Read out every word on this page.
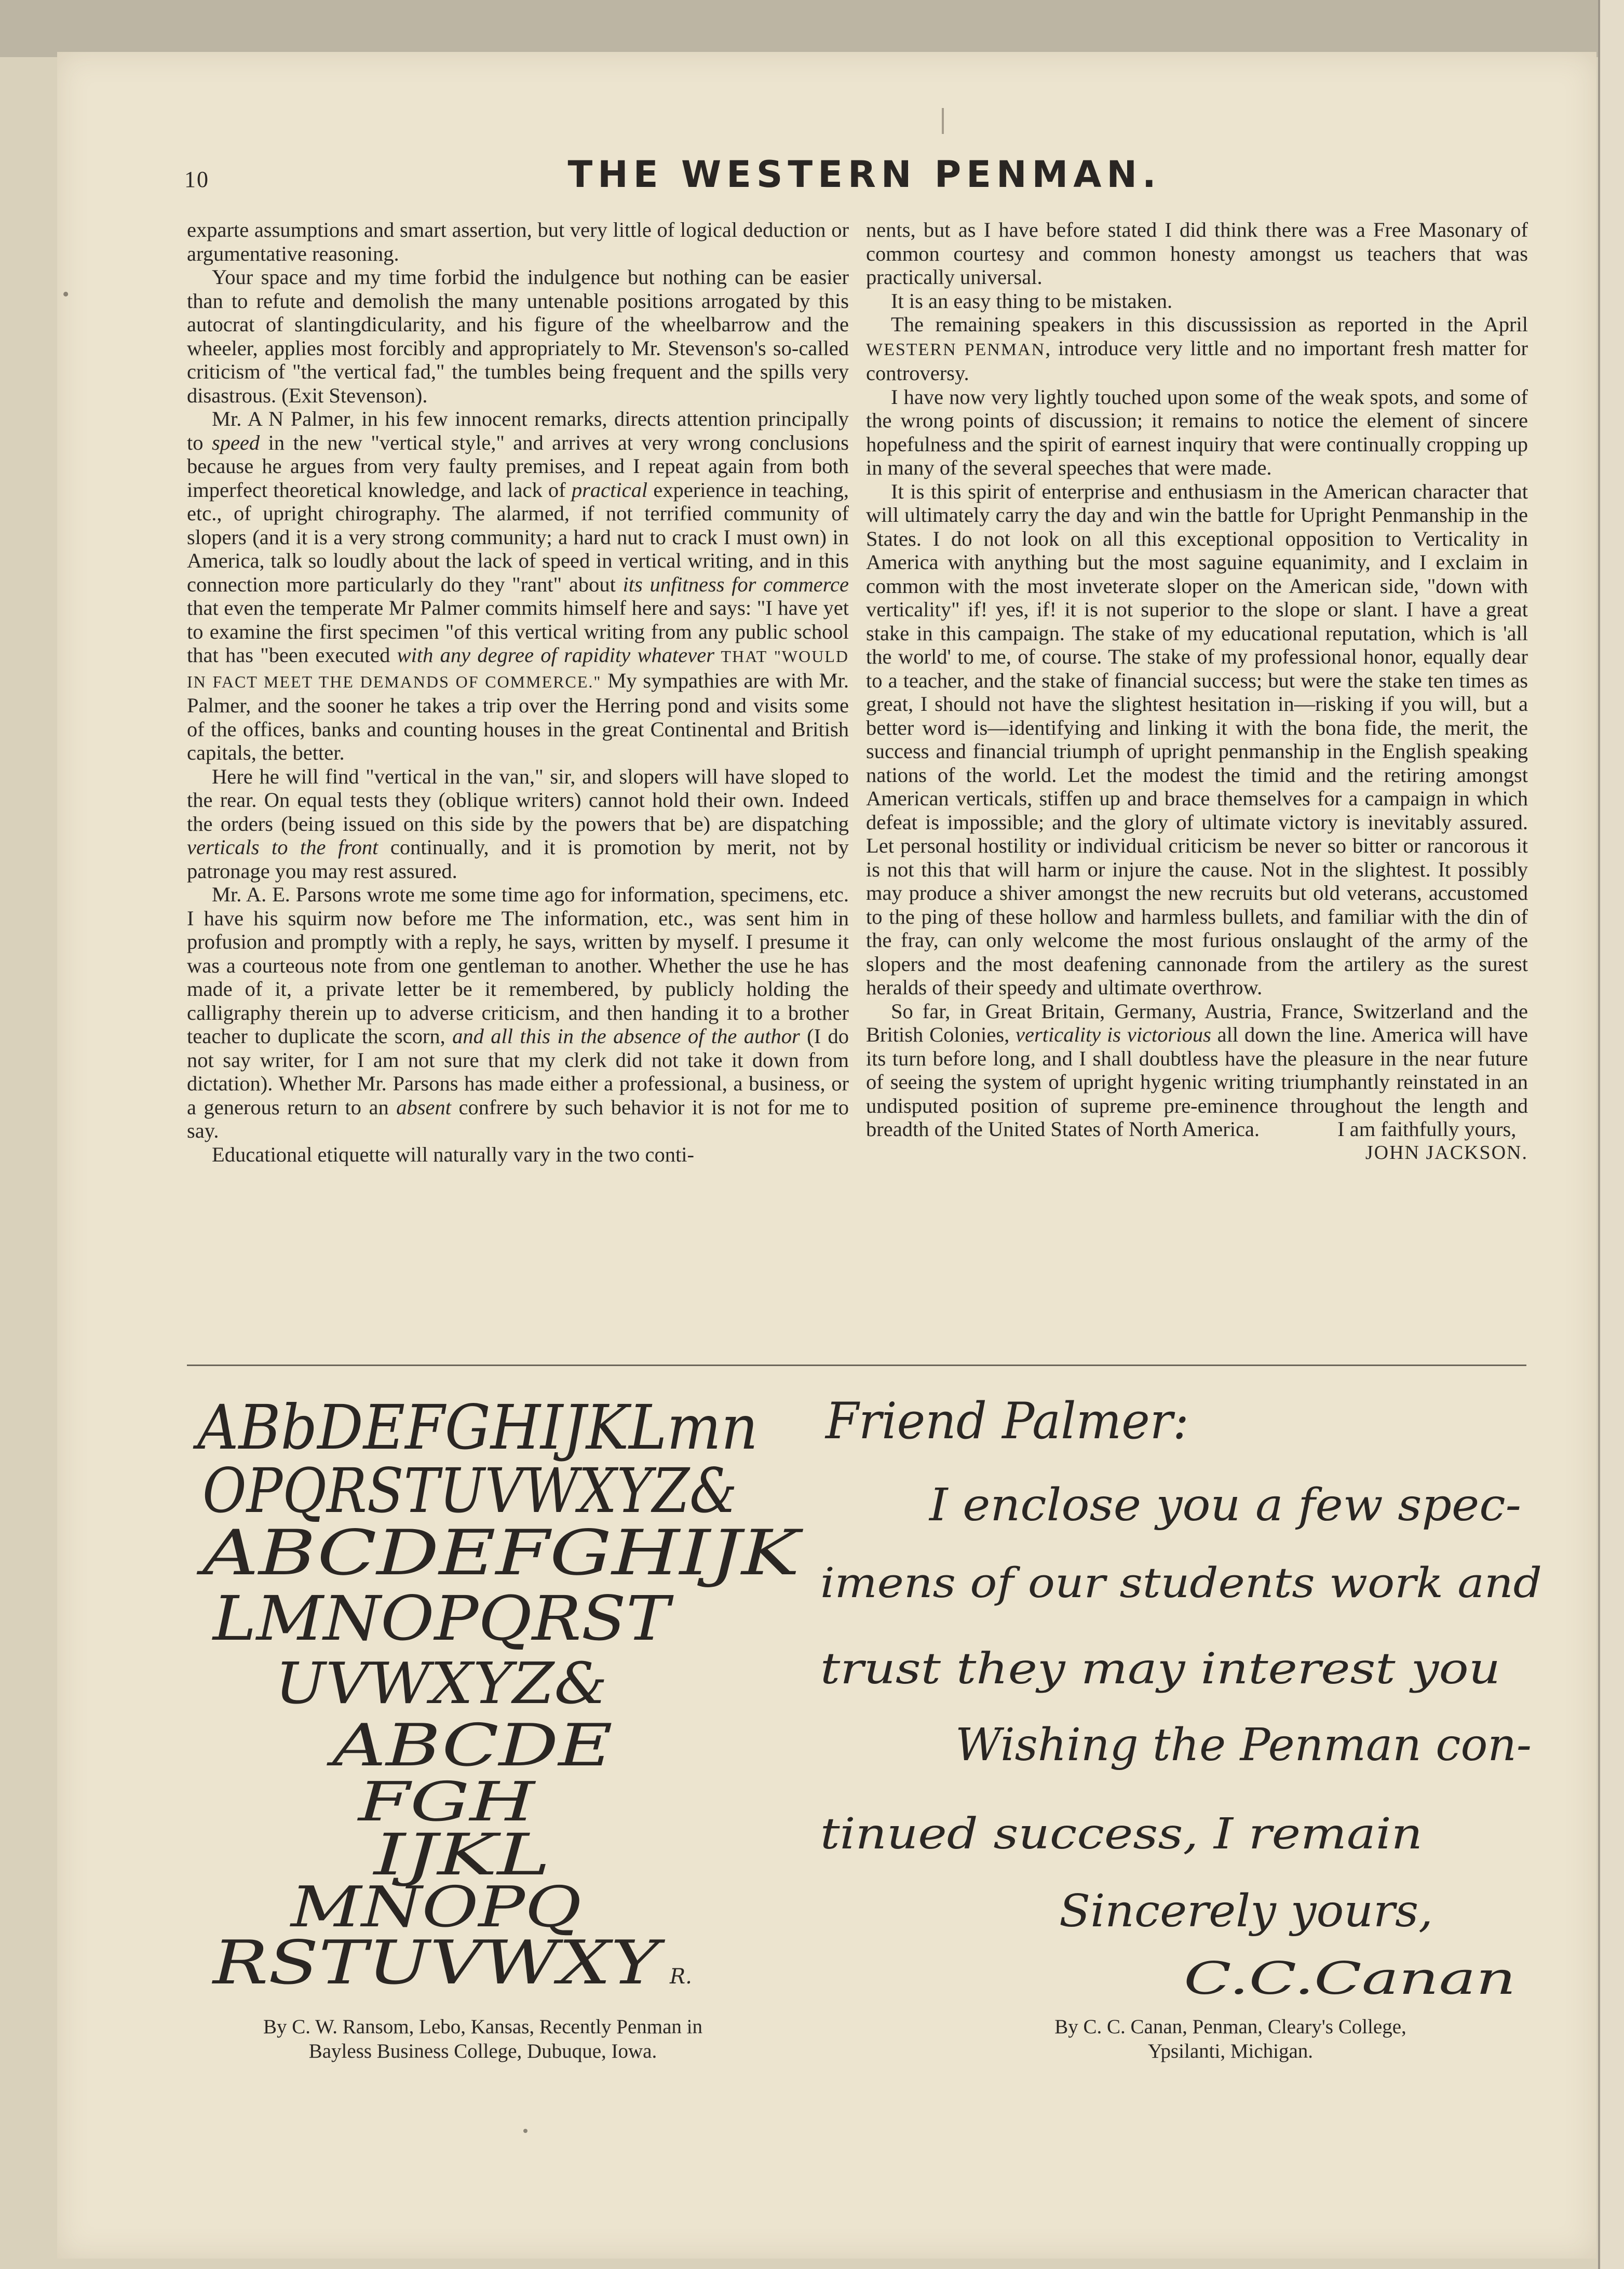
•
10	THE WESTERN PENMAN.

exparte assumptions and smart assertion, but very little of logical deduction or argumentative reasoning.

Your space and my time forbid the indulgence but nothing can be easier than to refute and demolish the many untenable positions arrogated by this autocrat of slantingdicularity, and his figure of the wheelbarrow and the wheeler, applies most forcibly and appropriately to Mr. Stevenson's so-called criticism of "the vertical fad," the tumbles being frequent and the spills very disastrous. (Exit Stevenson).

Mr. A N Palmer, in his few innocent remarks, directs attention principally to speed in the new "vertical style," and arrives at very wrong conclusions because he argues from very faulty premises, and I repeat again from both imperfect theoretical knowledge, and lack of practical experience in teaching, etc., of upright chirography. The alarmed, if not terrified community of slopers (and it is a very strong community; a hard nut to crack I must own) in America, talk so loudly about the lack of speed in vertical writing, and in this connection more particularly do they "rant" about its unfitness for commerce that even the temperate Mr Palmer commits himself here and says: "I have yet to examine the first specimen "of this vertical writing from any public school that has "been executed with any degree of rapidity whatever THAT "WOULD IN FACT MEET THE DEMANDS OF COMMERCE." My sympathies are with Mr. Palmer, and the sooner he takes a trip over the Herring pond and visits some of the offices, banks and counting houses in the great Continental and British capitals, the better.

Here he will find "vertical in the van," sir, and slopers will have sloped to the rear. On equal tests they (oblique writers) cannot hold their own. Indeed the orders (being issued on this side by the powers that be) are dispatching verticals to the front continually, and it is promotion by merit, not by patronage you may rest assured.

Mr. A. E. Parsons wrote me some time ago for information, specimens, etc. I have his squirm now before me The information, etc., was sent him in profusion and promptly with a reply, he says, written by myself. I presume it was a courteous note from one gentleman to another. Whether the use he has made of it, a private letter be it remembered, by publicly holding the calligraphy therein up to adverse criticism, and then handing it to a brother teacher to duplicate the scorn, and all this in the absence of the author (I do not say writer, for I am not sure that my clerk did not take it down from dictation). Whether Mr. Parsons has made either a professional, a business, or a generous return to an absent confrere by such behavior it is not for me to say.

Educational etiquette will naturally vary in the two conti-

nents, but as I have before stated I did think there was a Free Masonary of common courtesy and common honesty amongst us teachers that was practically universal.

It is an easy thing to be mistaken.

The remaining speakers in this discussission as reported in the April WESTERN PENMAN, introduce very little and no important fresh matter for controversy.

I have now very lightly touched upon some of the weak spots, and some of the wrong points of discussion; it remains to notice the element of sincere hopefulness and the spirit of earnest inquiry that were continually cropping up in many of the several speeches that were made.

It is this spirit of enterprise and enthusiasm in the American character that will ultimately carry the day and win the battle for Upright Penmanship in the States. I do not look on all this exceptional opposition to Verticality in America with anything but the most saguine equanimity, and I exclaim in common with the most inveterate sloper on the American side, "down with verticality" if! yes, if! it is not superior to the slope or slant. I have a great stake in this campaign. The stake of my educational reputation, which is 'all the world' to me, of course. The stake of my professional honor, equally dear to a teacher, and the stake of financial success; but were the stake ten times as great, I should not have the slightest hesitation in—risking if you will, but a better word is—identifying and linking it with the bona fide, the merit, the success and financial triumph of upright penmanship in the English speaking nations of the world. Let the modest the timid and the retiring amongst American verticals, stiffen up and brace themselves for a campaign in which defeat is impossible; and the glory of ultimate victory is inevitably assured. Let personal hostility or individual criticism be never so bitter or rancorous it is not this that will harm or injure the cause. Not in the slightest. It possibly may produce a shiver amongst the new recruits but old veterans, accustomed to the ping of these hollow and harmless bullets, and familiar with the din of the fray, can only welcome the most furious onslaught of the army of the slopers and the most deafening cannonade from the artilery as the surest heralds of their speedy and ultimate overthrow.

So far, in Great Britain, Germany, Austria, France, Switzerland and the British Colonies, verticality is victorious all down the line. America will have its turn before long, and I shall doubtless have the pleasure in the near future of seeing the system of upright hygenic writing triumphantly reinstated in an undisputed position of supreme pre-eminence throughout the length and breadth of the United States of North America.	I am faithfully yours,
JOHN JACKSON.

ABbDEFGHIJKLmn
OPQRSTUVWXYZ&
ABCDEFGHIJK
LMNOPQRST
UVWXYZ&
ABCDE
FGH
IJKL
MNOPQ
RSTUVWXY R.
Friend Palmer:
I enclose you a few spec-
imens of our students work and
trust they may interest you
Wishing the Penman con-
tinued success, I remain
Sincerely yours,
C.C.Canan
By C. W. Ransom, Lebo, Kansas, Recently Penman in
Bayless Business College, Dubuque, Iowa.
By C. C. Canan, Penman, Cleary's College,
Ypsilanti, Michigan.
